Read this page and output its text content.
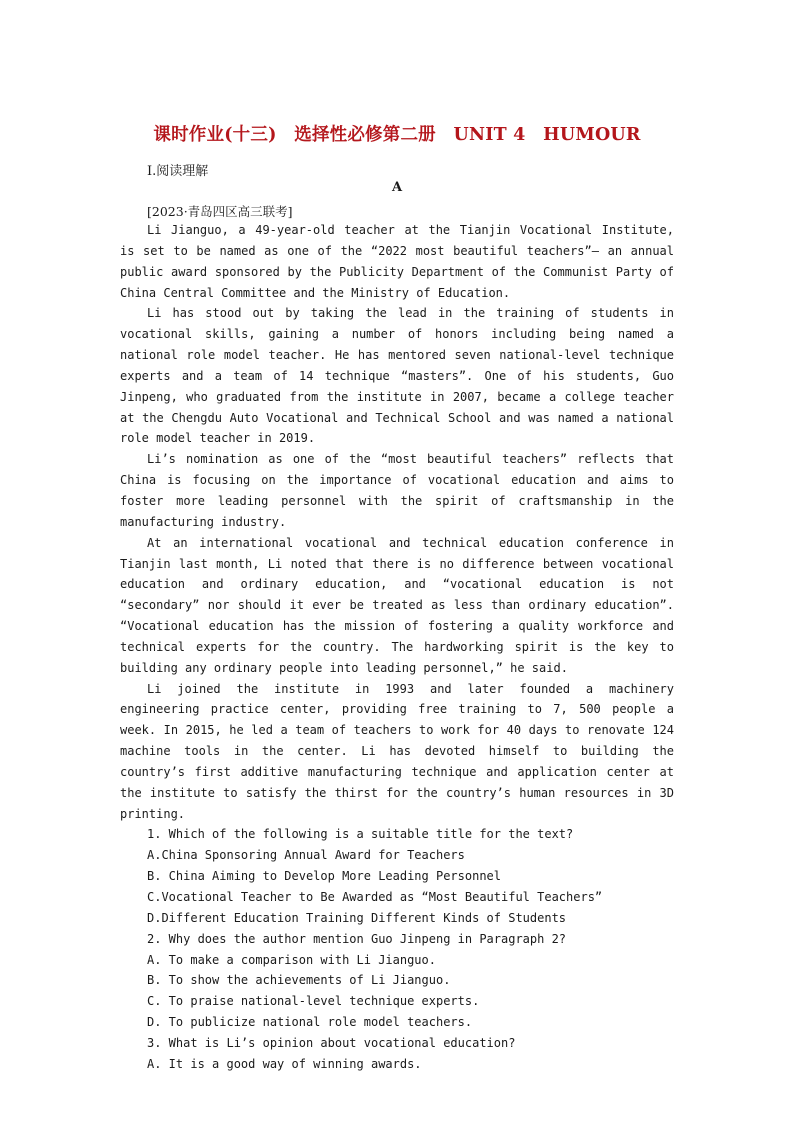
课时作业(十三)　选择性必修第二册　UNIT 4　HUMOUR
Ⅰ.阅读理解
A
[2023·青岛四区高三联考]

Li Jianguo, a 49-year-old teacher at the Tianjin Vocational Institute, is set to be named as one of the “2022 most beautiful teachers”— an annual public award sponsored by the Publicity Department of the Communist Party of China Central Committee and the Ministry of Education.

Li has stood out by taking the lead in the training of students in vocational skills, gaining a number of honors including being named a national role model teacher. He has mentored seven national-level technique experts and a team of 14 technique “masters”. One of his students, Guo Jinpeng, who graduated from the institute in 2007, became a college teacher at the Chengdu Auto Vocational and Technical School and was named a national role model teacher in 2019.

Li’s nomination as one of the “most beautiful teachers” reflects that China is focusing on the importance of vocational education and aims to foster more leading personnel with the spirit of craftsmanship in the manufacturing industry.

At an international vocational and technical education conference in Tianjin last month, Li noted that there is no difference between vocational education and ordinary education, and “vocational education is not “secondary” nor should it ever be treated as less than ordinary education”. “Vocational education has the mission of fostering a quality workforce and technical experts for the country. The hardworking spirit is the key to building any ordinary people into leading personnel,” he said.

Li joined the institute in 1993 and later founded a machinery engineering practice center, providing free training to 7, 500 people a week. In 2015, he led a team of teachers to work for 40 days to renovate 124 machine tools in the center. Li has devoted himself to building the country’s first additive manufacturing technique and application center at the institute to satisfy the thirst for the country’s human resources in 3D printing.

1. Which of the following is a suitable title for the text?

A.China Sponsoring Annual Award for Teachers

B. China Aiming to Develop More Leading Personnel

C.Vocational Teacher to Be Awarded as “Most Beautiful Teachers”

D.Different Education Training Different Kinds of Students

2. Why does the author mention Guo Jinpeng in Paragraph 2?

A. To make a comparison with Li Jianguo.

B. To show the achievements of Li Jianguo.

C. To praise national-level technique experts.

D. To publicize national role model teachers.

3. What is Li’s opinion about vocational education?

A. It is a good way of winning awards.
